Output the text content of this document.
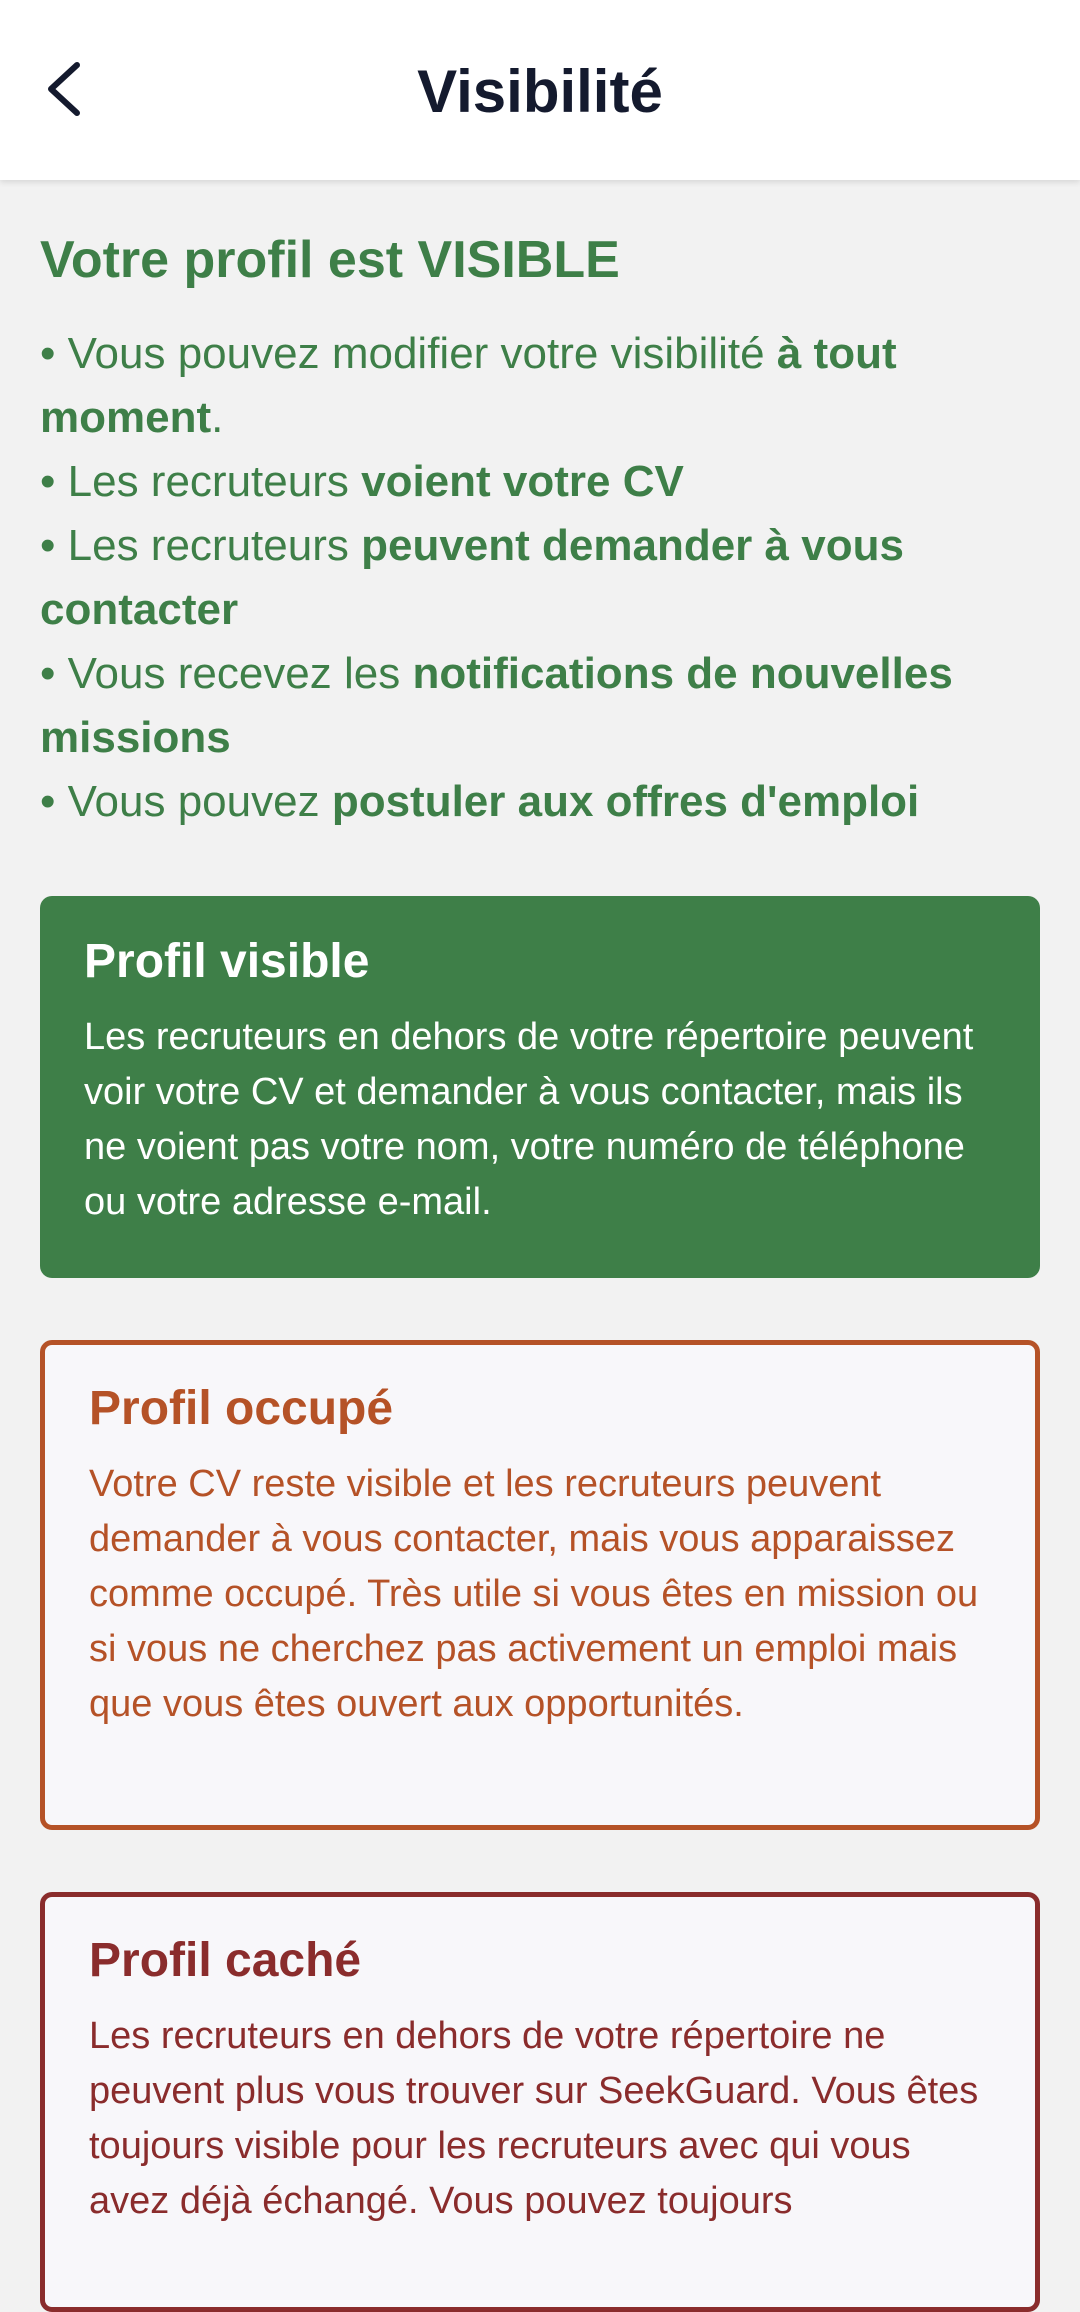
Visibilité
Votre profil est VISIBLE
• Vous pouvez modifier votre visibilité à tout moment.
• Les recruteurs voient votre CV
• Les recruteurs peuvent demander à vous contacter
• Vous recevez les notifications de nouvelles missions
• Vous pouvez postuler aux offres d'emploi
Profil visible

Les recruteurs en dehors de votre répertoire peuvent voir votre CV et demander à vous contacter, mais ils ne voient pas votre nom, votre numéro de téléphone ou votre adresse e-mail.

Profil occupé

Votre CV reste visible et les recruteurs peuvent demander à vous contacter, mais vous apparaissez comme occupé. Très utile si vous êtes en mission ou si vous ne cherchez pas activement un emploi mais que vous êtes ouvert aux opportunités.

Profil caché

Les recruteurs en dehors de votre répertoire ne peuvent plus vous trouver sur SeekGuard. Vous êtes toujours visible pour les recruteurs avec qui vous avez déjà échangé. Vous pouvez toujours
